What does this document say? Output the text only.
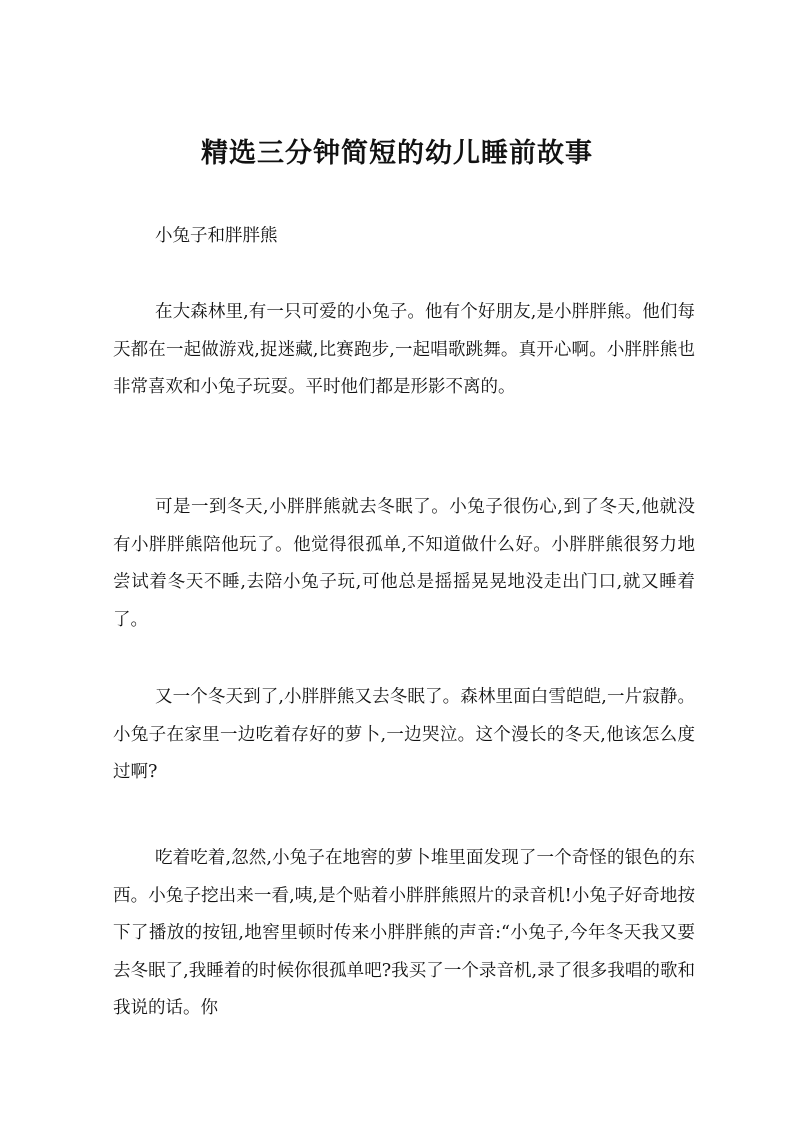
精选三分钟简短的幼儿睡前故事

小兔子和胖胖熊

在大森林里,有一只可爱的小兔子。他有个好朋友,是小胖胖熊。他们每天都在一起做游戏,捉迷藏,比赛跑步,一起唱歌跳舞。真开心啊。小胖胖熊也非常喜欢和小兔子玩耍。平时他们都是形影不离的。

可是一到冬天,小胖胖熊就去冬眠了。小兔子很伤心,到了冬天,他就没有小胖胖熊陪他玩了。他觉得很孤单,不知道做什么好。小胖胖熊很努力地尝试着冬天不睡,去陪小兔子玩,可他总是摇摇晃晃地没走出门口,就又睡着了。

又一个冬天到了,小胖胖熊又去冬眠了。森林里面白雪皑皑,一片寂静。小兔子在家里一边吃着存好的萝卜,一边哭泣。这个漫长的冬天,他该怎么度过啊?

吃着吃着,忽然,小兔子在地窖的萝卜堆里面发现了一个奇怪的银色的东西。小兔子挖出来一看,咦,是个贴着小胖胖熊照片的录音机!小兔子好奇地按下了播放的按钮,地窖里顿时传来小胖胖熊的声音:“小兔子,今年冬天我又要去冬眠了,我睡着的时候你很孤单吧?我买了一个录音机,录了很多我唱的歌和我说的话。你
